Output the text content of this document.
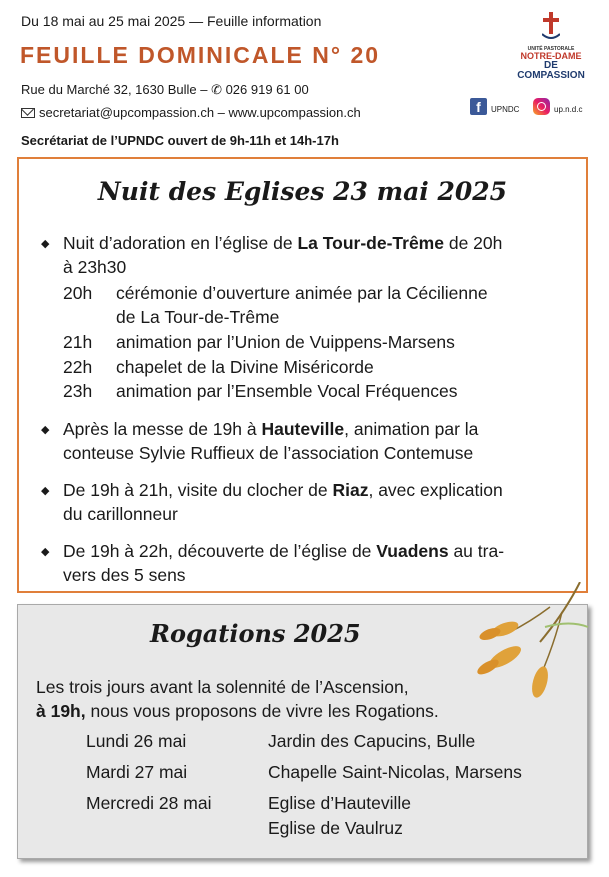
Du 18 mai au 25 mai 2025 — Feuille information
FEUILLE DOMINICALE N° 20
Rue du Marché 32, 1630 Bulle – ✆ 026 919 61 00
secretariat@upcompassion.ch – www.upcompassion.ch
Secrétariat de l’UPNDC ouvert de 9h-11h et 14h-17h
UNITÉ PASTORALE
NOTRE-DAME
DE COMPASSION
f	UPNDC	up.n.d.c
Nuit des Eglises 23 mai 2025
◆ Nuit d’adoration en l’église de La Tour-de-Trême de 20h
à 23h30
20h cérémonie d’ouverture animée par la Cécilienne
de La Tour-de-Trême
21h animation par l’Union de Vuippens-Marsens
22h chapelet de la Divine Miséricorde
23h animation par l’Ensemble Vocal Fréquences
◆ Après la messe de 19h à Hauteville, animation par la
conteuse Sylvie Ruffieux de l’association Contemuse
◆ De 19h à 21h, visite du clocher de Riaz, avec explication
du carillonneur
◆ De 19h à 22h, découverte de l’église de Vuadens au tra-
vers des 5 sens
Rogations 2025
Les trois jours avant la solennité de l’Ascension,
à 19h, nous vous proposons de vivre les Rogations.
Lundi 26 mai	Jardin des Capucins, Bulle
Mardi 27 mai	Chapelle Saint-Nicolas, Marsens
Mercredi 28 mai	Eglise d’Hauteville
Eglise de Vaulruz
